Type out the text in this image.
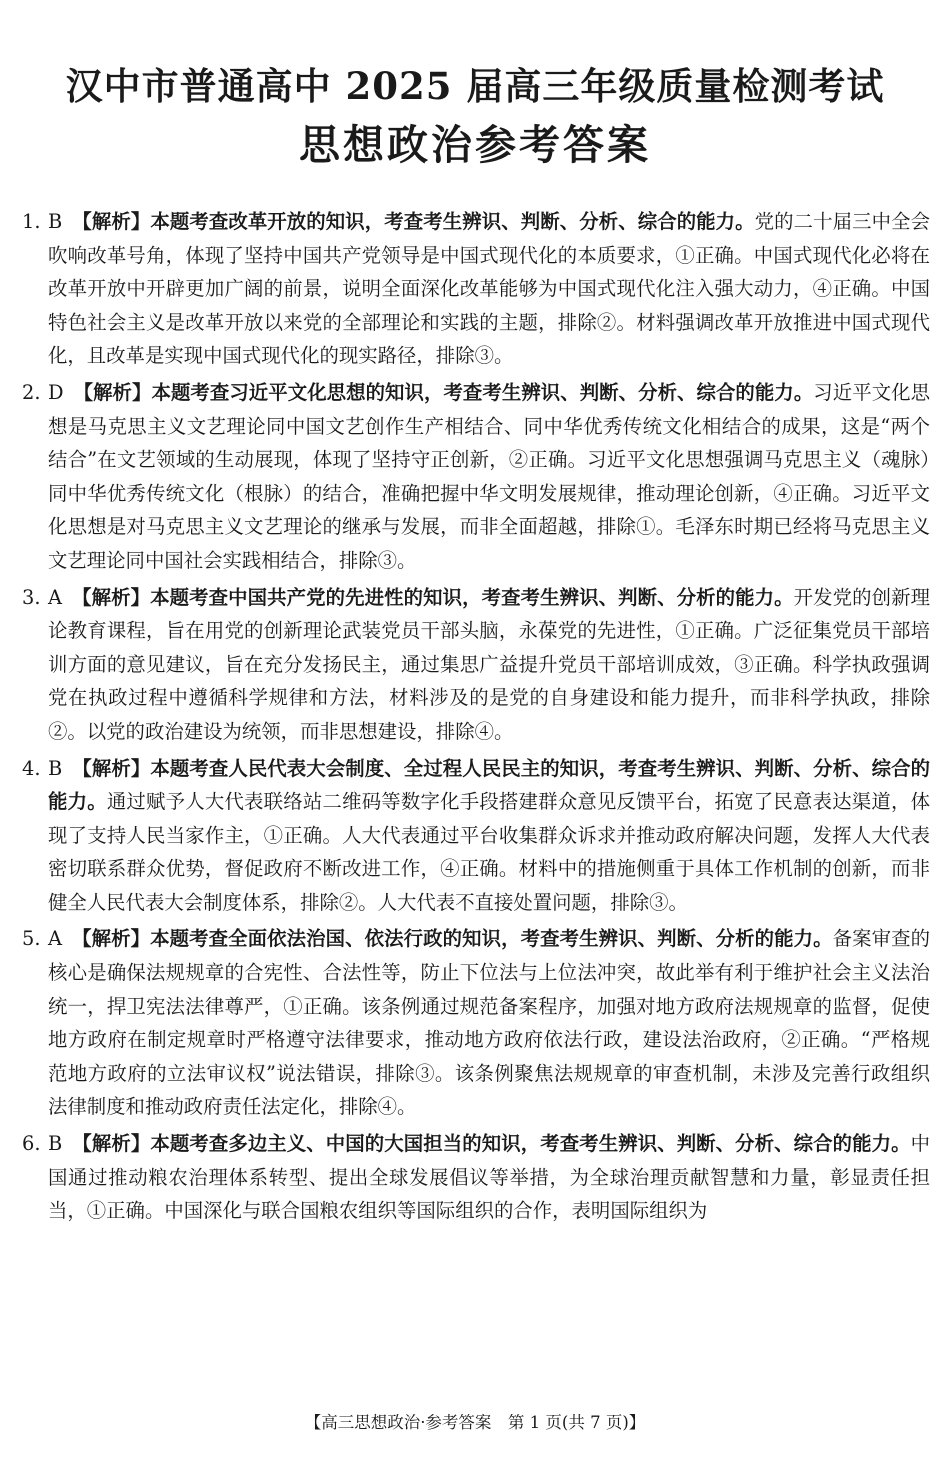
汉中市普通高中 2025 届高三年级质量检测考试
思想政治参考答案

1. B 【解析】本题考查改革开放的知识，考查考生辨识、判断、分析、综合的能力。党的二十届三中全会吹响改革号角，体现了坚持中国共产党领导是中国式现代化的本质要求，①正确。中国式现代化必将在改革开放中开辟更加广阔的前景，说明全面深化改革能够为中国式现代化注入强大动力，④正确。中国特色社会主义是改革开放以来党的全部理论和实践的主题，排除②。材料强调改革开放推进中国式现代化，且改革是实现中国式现代化的现实路径，排除③。

2. D 【解析】本题考查习近平文化思想的知识，考查考生辨识、判断、分析、综合的能力。习近平文化思想是马克思主义文艺理论同中国文艺创作生产相结合、同中华优秀传统文化相结合的成果，这是“两个结合”在文艺领域的生动展现，体现了坚持守正创新，②正确。习近平文化思想强调马克思主义（魂脉）同中华优秀传统文化（根脉）的结合，准确把握中华文明发展规律，推动理论创新，④正确。习近平文化思想是对马克思主义文艺理论的继承与发展，而非全面超越，排除①。毛泽东时期已经将马克思主义文艺理论同中国社会实践相结合，排除③。

3. A 【解析】本题考查中国共产党的先进性的知识，考查考生辨识、判断、分析的能力。开发党的创新理论教育课程，旨在用党的创新理论武装党员干部头脑，永葆党的先进性，①正确。广泛征集党员干部培训方面的意见建议，旨在充分发扬民主，通过集思广益提升党员干部培训成效，③正确。科学执政强调党在执政过程中遵循科学规律和方法，材料涉及的是党的自身建设和能力提升，而非科学执政，排除②。以党的政治建设为统领，而非思想建设，排除④。

4. B 【解析】本题考查人民代表大会制度、全过程人民民主的知识，考查考生辨识、判断、分析、综合的能力。通过赋予人大代表联络站二维码等数字化手段搭建群众意见反馈平台，拓宽了民意表达渠道，体现了支持人民当家作主，①正确。人大代表通过平台收集群众诉求并推动政府解决问题，发挥人大代表密切联系群众优势，督促政府不断改进工作，④正确。材料中的措施侧重于具体工作机制的创新，而非健全人民代表大会制度体系，排除②。人大代表不直接处置问题，排除③。

5. A 【解析】本题考查全面依法治国、依法行政的知识，考查考生辨识、判断、分析的能力。备案审查的核心是确保法规规章的合宪性、合法性等，防止下位法与上位法冲突，故此举有利于维护社会主义法治统一，捍卫宪法法律尊严，①正确。该条例通过规范备案程序，加强对地方政府法规规章的监督，促使地方政府在制定规章时严格遵守法律要求，推动地方政府依法行政，建设法治政府，②正确。“严格规范地方政府的立法审议权”说法错误，排除③。该条例聚焦法规规章的审查机制，未涉及完善行政组织法律制度和推动政府责任法定化，排除④。

6. B 【解析】本题考查多边主义、中国的大国担当的知识，考查考生辨识、判断、分析、综合的能力。中国通过推动粮农治理体系转型、提出全球发展倡议等举措，为全球治理贡献智慧和力量，彰显责任担当，①正确。中国深化与联合国粮农组织等国际组织的合作，表明国际组织为

【高三思想政治·参考答案　第 1 页(共 7 页)】
